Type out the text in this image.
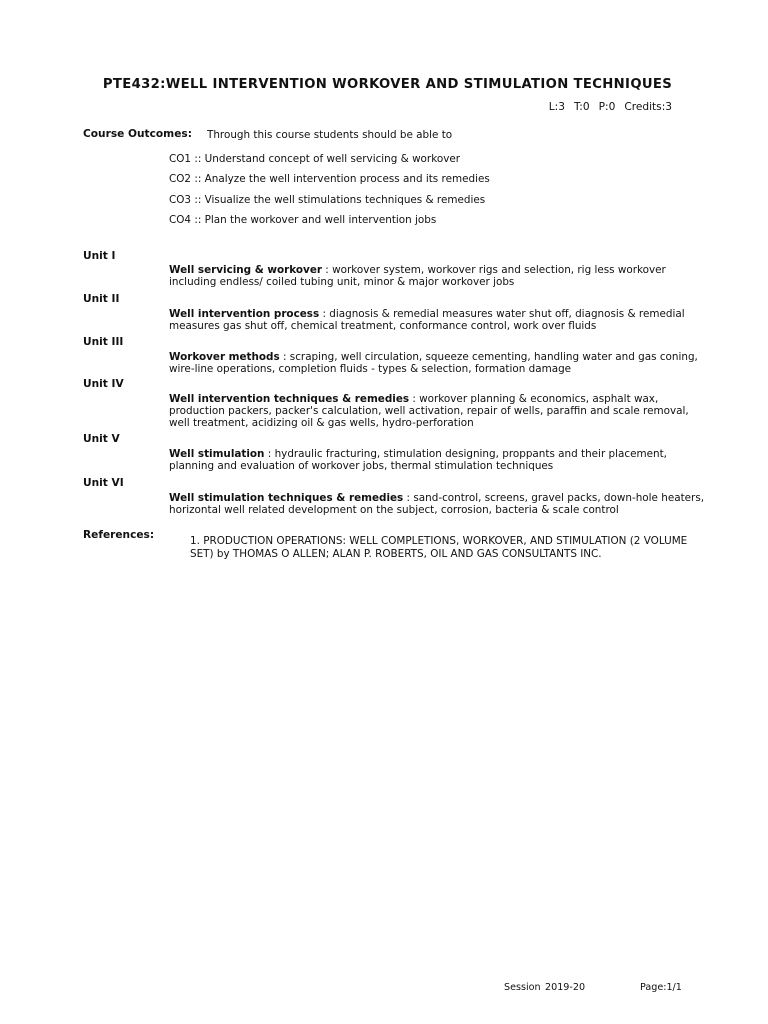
PTE432:WELL INTERVENTION WORKOVER AND STIMULATION TECHNIQUES
L:3 T:0 P:0 Credits:3
Course Outcomes: Through this course students should be able to
CO1 :: Understand concept of well servicing & workover
CO2 :: Analyze the well intervention process and its remedies
CO3 :: Visualize the well stimulations techniques & remedies
CO4 :: Plan the workover and well intervention jobs
Unit I
Well servicing & workover : workover system, workover rigs and selection, rig less workover including endless/ coiled tubing unit, minor & major workover jobs
Unit II
Well intervention process : diagnosis & remedial measures water shut off, diagnosis & remedial measures gas shut off, chemical treatment, conformance control, work over fluids
Unit III
Workover methods : scraping, well circulation, squeeze cementing, handling water and gas coning, wire-line operations, completion fluids - types & selection, formation damage
Unit IV
Well intervention techniques & remedies : workover planning & economics, asphalt wax, production packers, packer's calculation, well activation, repair of wells, paraffin and scale removal, well treatment, acidizing oil & gas wells, hydro-perforation
Unit V
Well stimulation : hydraulic fracturing, stimulation designing, proppants and their placement, planning and evaluation of workover jobs, thermal stimulation techniques
Unit VI
Well stimulation techniques & remedies : sand-control, screens, gravel packs, down-hole heaters, horizontal well related development on the subject, corrosion, bacteria & scale control
References:	1. PRODUCTION OPERATIONS: WELL COMPLETIONS, WORKOVER, AND STIMULATION (2 VOLUME SET) by THOMAS O ALLEN; ALAN P. ROBERTS, OIL AND GAS CONSULTANTS INC.
Session 2019-20	Page:1/1
